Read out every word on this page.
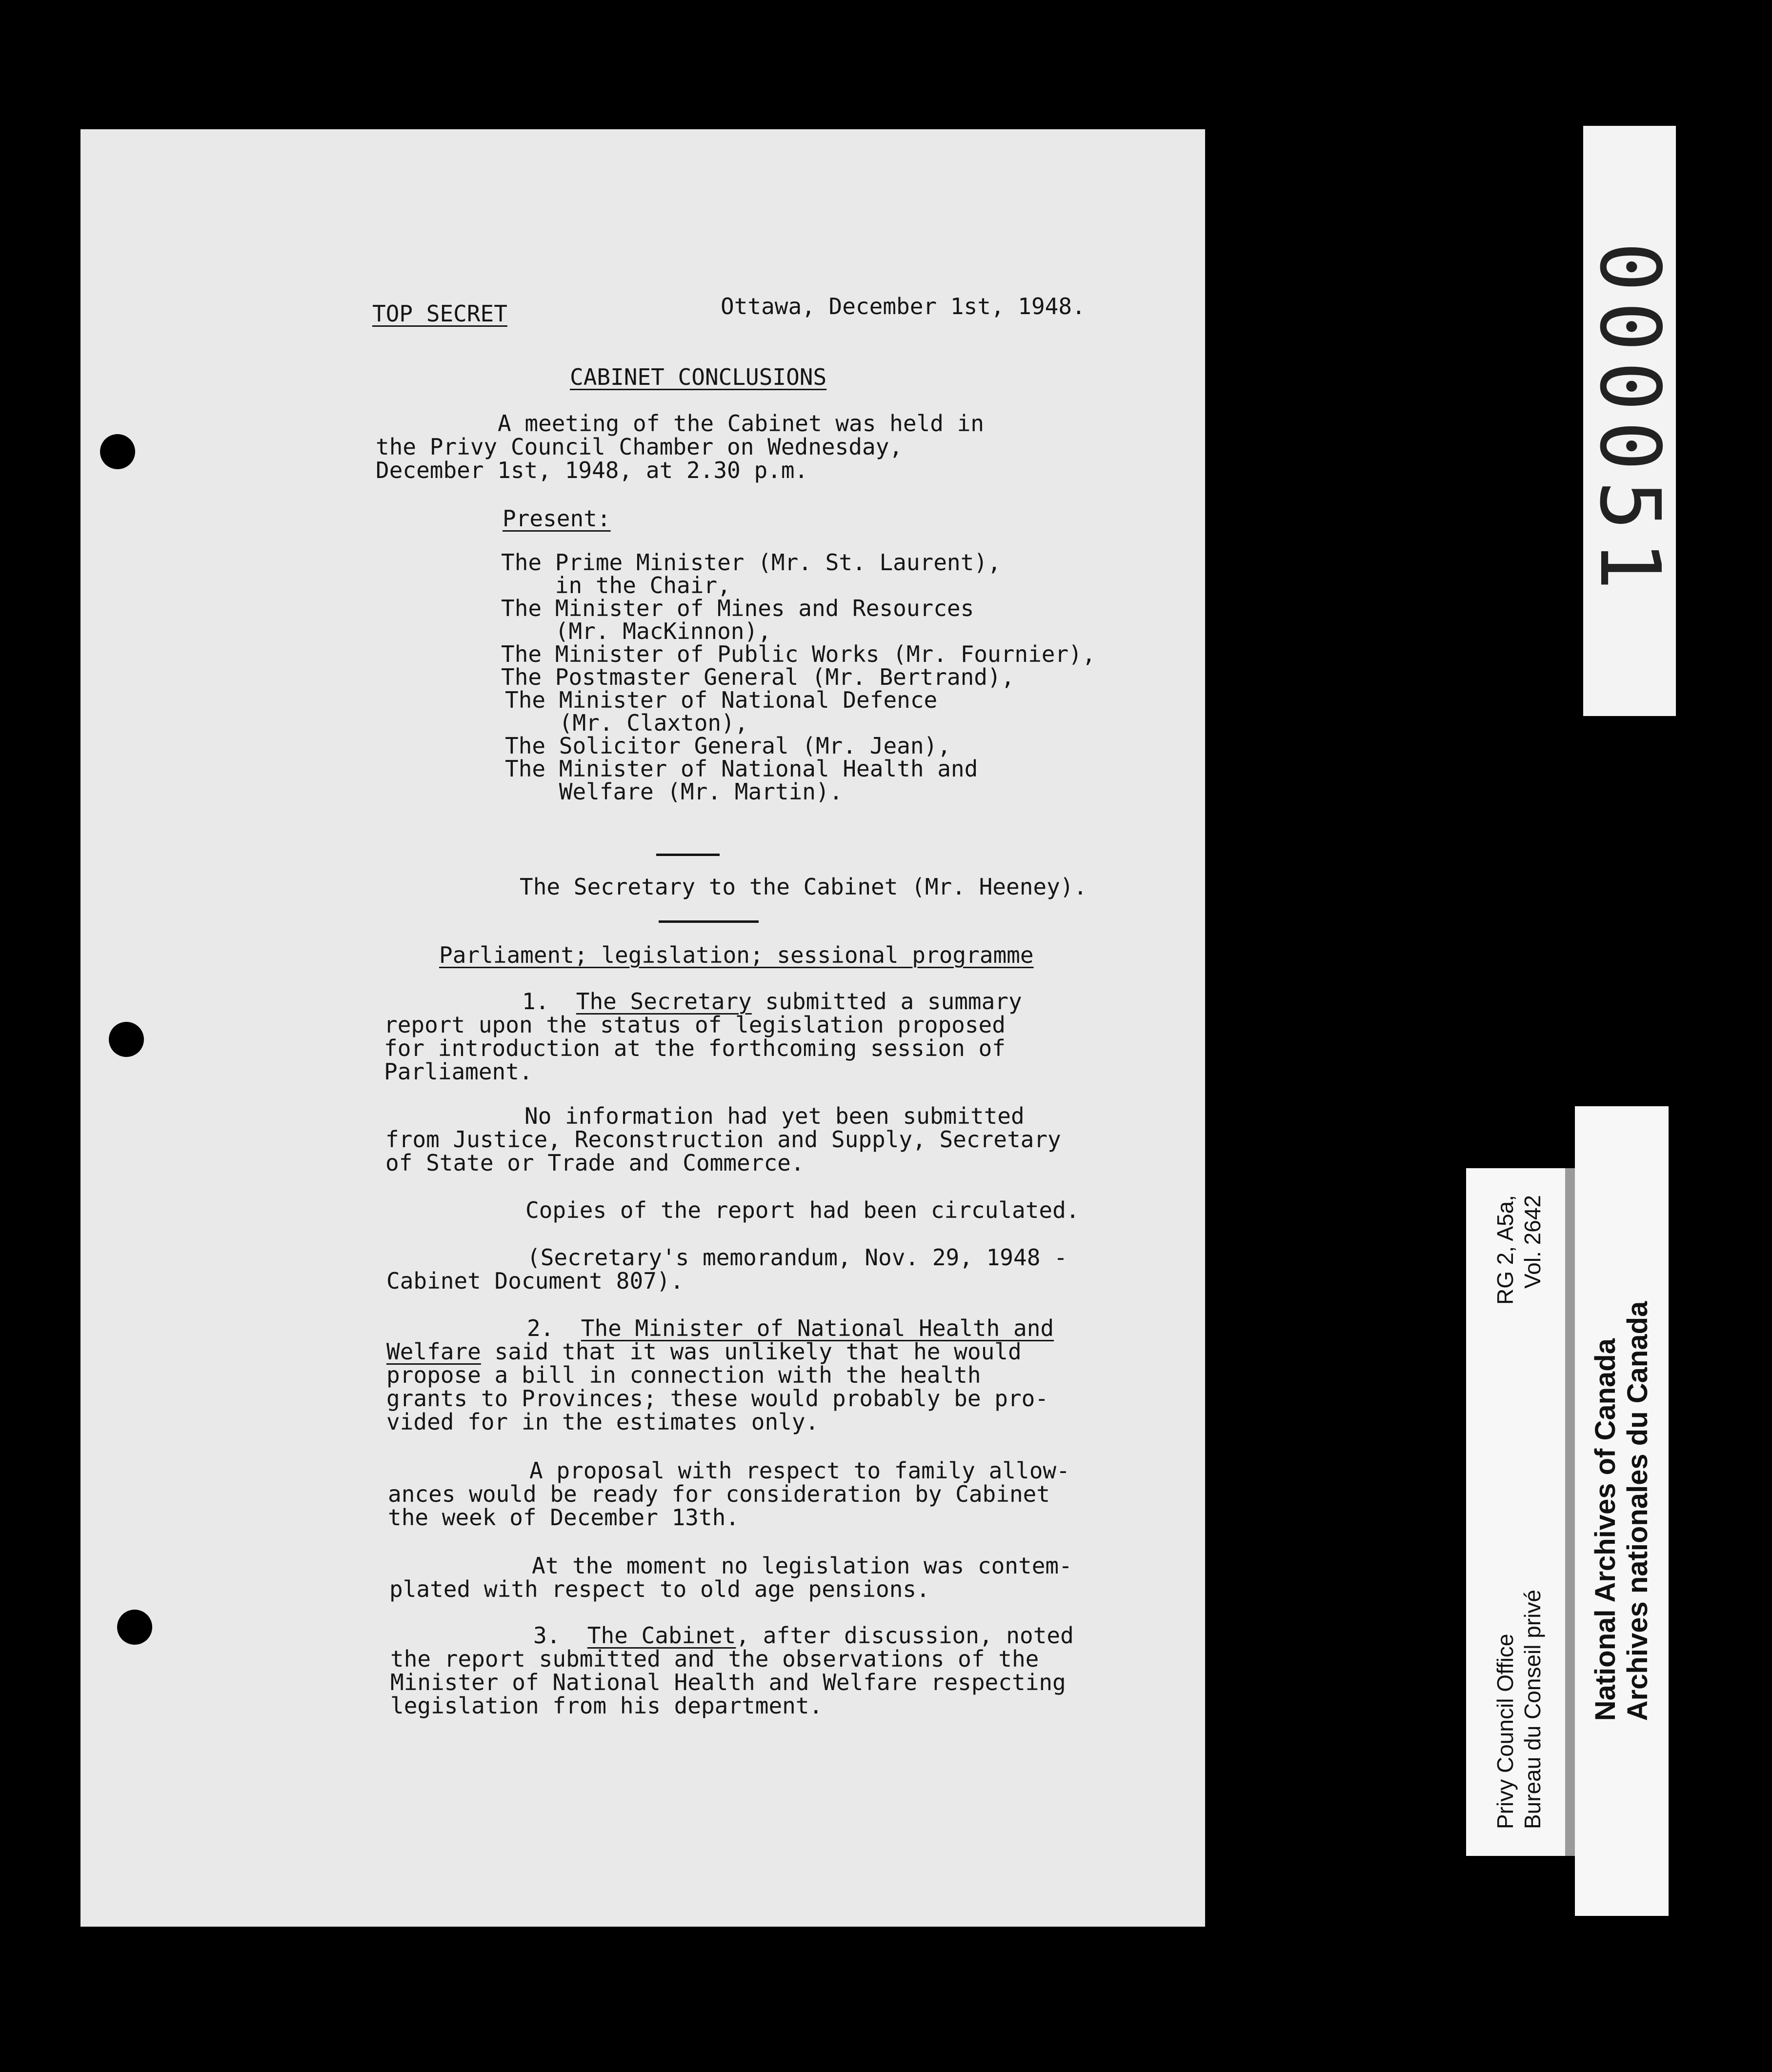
TOP SECRET	Ottawa, December 1st, 1948.
CABINET CONCLUSIONS
A meeting of the Cabinet was held in
the Privy Council Chamber on Wednesday,
December 1st, 1948, at 2.30 p.m.
Present:
The Prime Minister (Mr. St. Laurent),
in the Chair,
The Minister of Mines and Resources
(Mr. MacKinnon),
The Minister of Public Works (Mr. Fournier),
The Postmaster General (Mr. Bertrand),
The Minister of National Defence
(Mr. Claxton),
The Solicitor General (Mr. Jean),
The Minister of National Health and
Welfare (Mr. Martin).
The Secretary to the Cabinet (Mr. Heeney).
Parliament; legislation; sessional programme
1. The Secretary submitted a summary
report upon the status of legislation proposed
for introduction at the forthcoming session of
Parliament.
No information had yet been submitted
from Justice, Reconstruction and Supply, Secretary
of State or Trade and Commerce.
Copies of the report had been circulated.
(Secretary's memorandum, Nov. 29, 1948 -
Cabinet Document 807).
2. The Minister of National Health and
Welfare said that it was unlikely that he would
propose a bill in connection with the health
grants to Provinces; these would probably be pro-
vided for in the estimates only.
A proposal with respect to family allow-
ances would be ready for consideration by Cabinet
the week of December 13th.
At the moment no legislation was contem-
plated with respect to old age pensions.
3. The Cabinet, after discussion, noted
the report submitted and the observations of the
Minister of National Health and Welfare respecting
legislation from his department.
000051
Privy Council Office
RG 2, A5a,
Bureau du Conseil privé
Vol. 2642
National Archives of Canada Archives nationales du Canada
